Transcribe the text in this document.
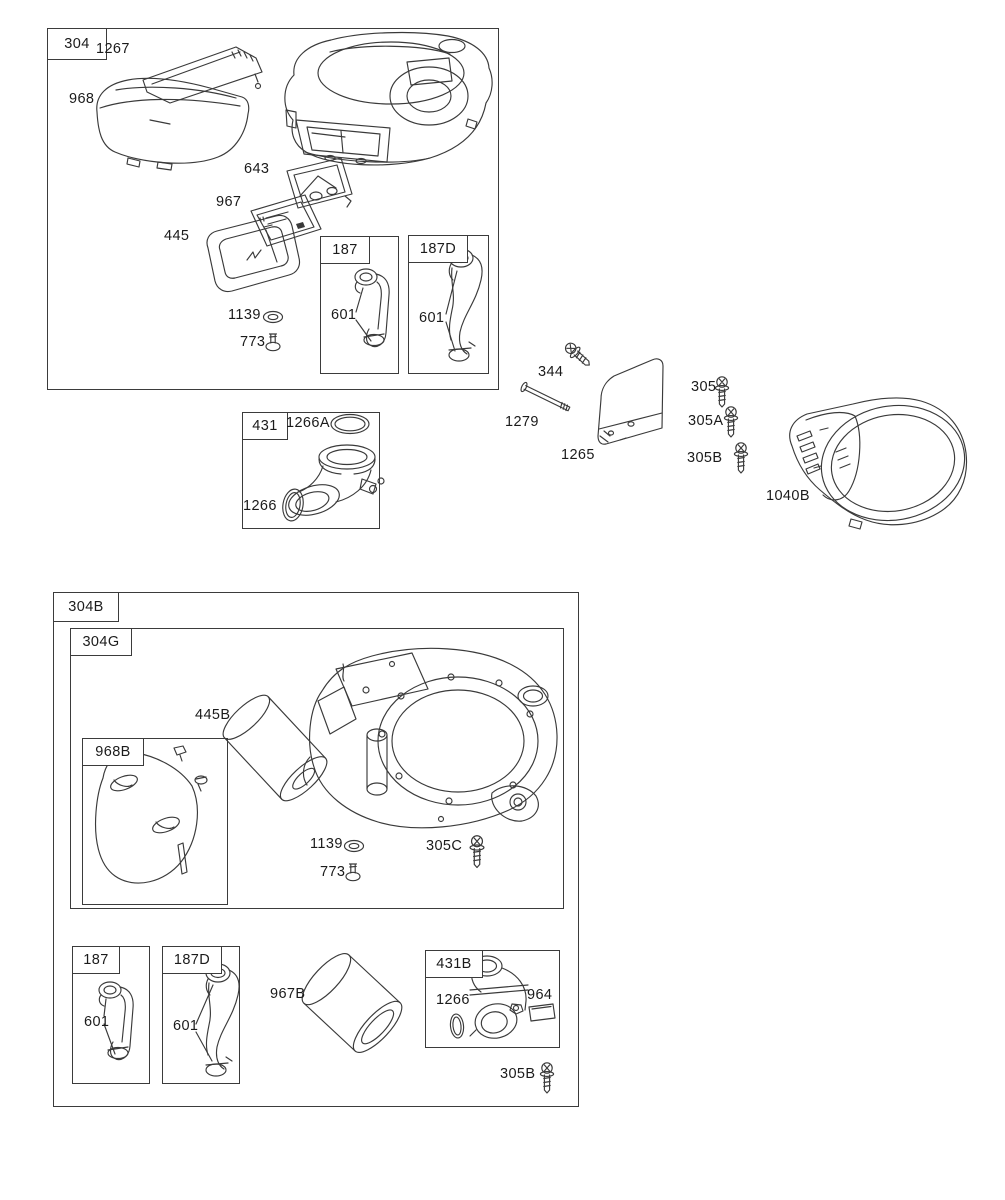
304
187	187D
431
304B
304G
968B
187	187D	431B
1267
968
643
967
445
1139
773
601	601
1266A
1266
344
1279
1265
305
305A
305B
1040B
445B
1139
773
305C
601	601
967B	1266	964
305B
